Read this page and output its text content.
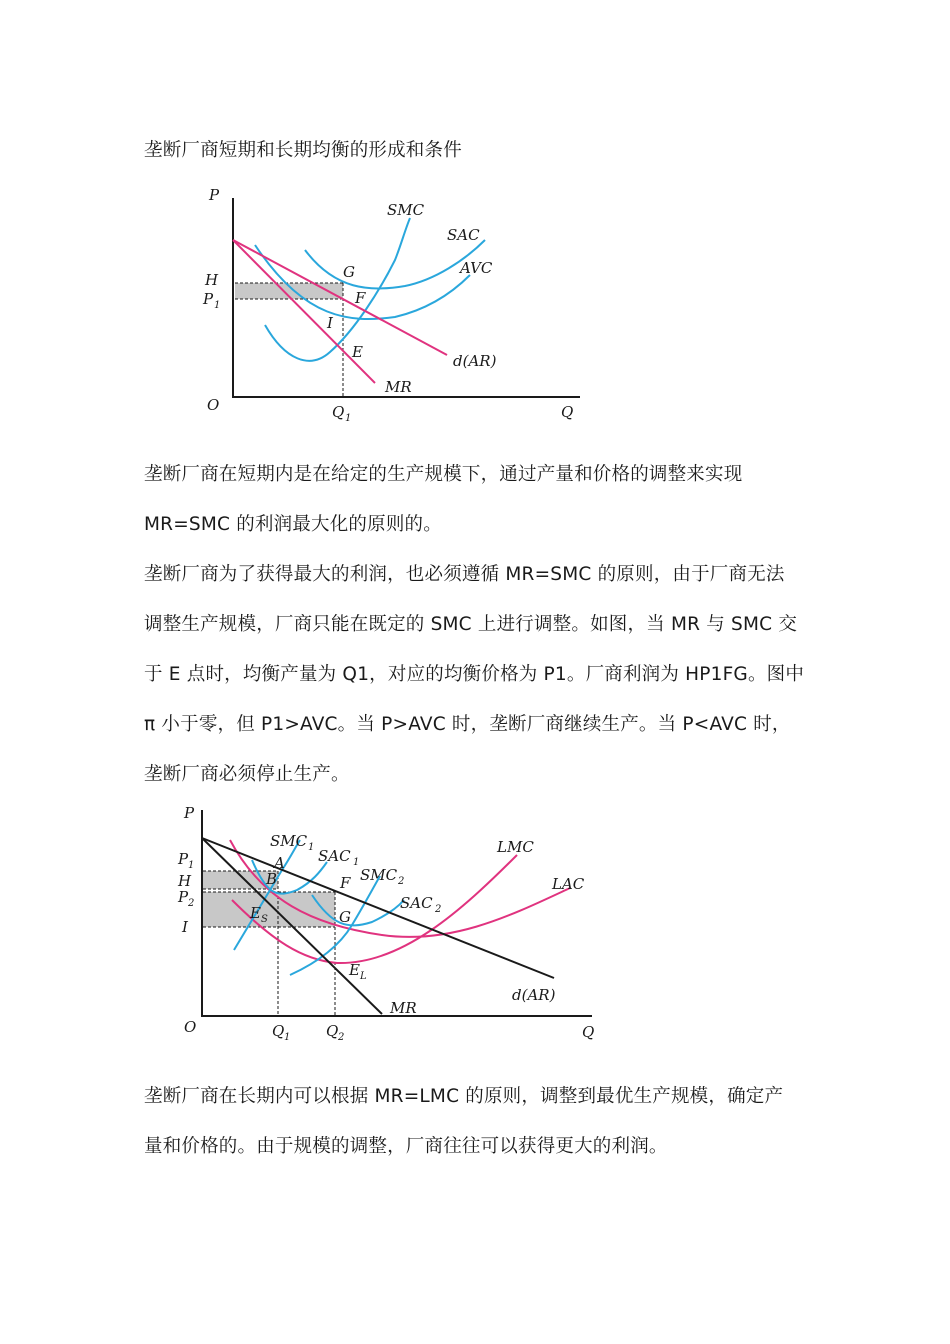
垄断厂商短期和长期均衡的形成和条件

P
O	Q
H
P 1
Q 1
SMC
SAC
AVC
d(AR)
MR
G
F
I
E

垄断厂商在短期内是在给定的生产规模下，通过产量和价格的调整来实现
MR=SMC 的利润最大化的原则的。

垄断厂商为了获得最大的利润，也必须遵循 MR=SMC 的原则，由于厂商无法
调整生产规模，厂商只能在既定的 SMC 上进行调整。如图，当 MR 与 SMC 交
于 E 点时，均衡产量为 Q1，对应的均衡价格为 P1。厂商利润为 HP1FG。图中
π 小于零，但 P1>AVC。当 P>AVC 时，垄断厂商继续生产。当 P<AVC 时，
垄断厂商必须停止生产。

P
O	Q
P 1
H
P 2
I
Q 1 Q 2
SMC 1 SAC 1
SMC 2
SAC 2
LMC
LAC
d(AR)
MR
A
B	F
E S	G
E L

垄断厂商在长期内可以根据 MR=LMC 的原则，调整到最优生产规模，确定产
量和价格的。由于规模的调整，厂商往往可以获得更大的利润。
